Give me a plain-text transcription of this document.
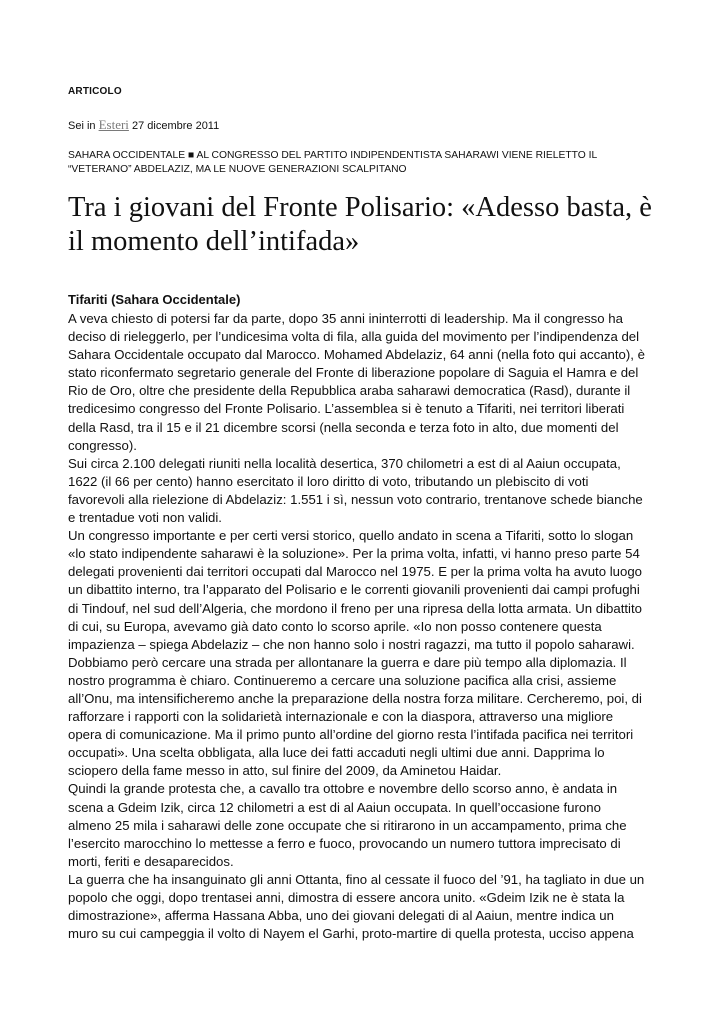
ARTICOLO
Sei in Esteri 27 dicembre 2011
SAHARA OCCIDENTALE ■ AL CONGRESSO DEL PARTITO INDIPENDENTISTA SAHARAWI VIENE RIELETTO IL
“VETERANO” ABDELAZIZ, MA LE NUOVE GENERAZIONI SCALPITANO
Tra i giovani del Fronte Polisario: «Adesso basta, è
il momento dell’intifada»
Tifariti (Sahara Occidentale)
A veva chiesto di potersi far da parte, dopo 35 anni ininterrotti di leadership. Ma il congresso ha
deciso di rieleggerlo, per l’undicesima volta di fila, alla guida del movimento per l’indipendenza del
Sahara Occidentale occupato dal Marocco. Mohamed Abdelaziz, 64 anni (nella foto qui accanto), è
stato riconfermato segretario generale del Fronte di liberazione popolare di Saguia el Hamra e del
Rio de Oro, oltre che presidente della Repubblica araba saharawi democratica (Rasd), durante il
tredicesimo congresso del Fronte Polisario. L’assemblea si è tenuto a Tifariti, nei territori liberati
della Rasd, tra il 15 e il 21 dicembre scorsi (nella seconda e terza foto in alto, due momenti del
congresso).
Sui circa 2.100 delegati riuniti nella località desertica, 370 chilometri a est di al Aaiun occupata,
1622 (il 66 per cento) hanno esercitato il loro diritto di voto, tributando un plebiscito di voti
favorevoli alla rielezione di Abdelaziz: 1.551 i sì, nessun voto contrario, trentanove schede bianche
e trentadue voti non validi.
Un congresso importante e per certi versi storico, quello andato in scena a Tifariti, sotto lo slogan
«lo stato indipendente saharawi è la soluzione». Per la prima volta, infatti, vi hanno preso parte 54
delegati provenienti dai territori occupati dal Marocco nel 1975. E per la prima volta ha avuto luogo
un dibattito interno, tra l’apparato del Polisario e le correnti giovanili provenienti dai campi profughi
di Tindouf, nel sud dell’Algeria, che mordono il freno per una ripresa della lotta armata. Un dibattito
di cui, su Europa, avevamo già dato conto lo scorso aprile. «Io non posso contenere questa
impazienza – spiega Abdelaziz – che non hanno solo i nostri ragazzi, ma tutto il popolo saharawi.
Dobbiamo però cercare una strada per allontanare la guerra e dare più tempo alla diplomazia. Il
nostro programma è chiaro. Continueremo a cercare una soluzione pacifica alla crisi, assieme
all’Onu, ma intensificheremo anche la preparazione della nostra forza militare. Cercheremo, poi, di
rafforzare i rapporti con la solidarietà internazionale e con la diaspora, attraverso una migliore
opera di comunicazione. Ma il primo punto all’ordine del giorno resta l’intifada pacifica nei territori
occupati». Una scelta obbligata, alla luce dei fatti accaduti negli ultimi due anni. Dapprima lo
sciopero della fame messo in atto, sul finire del 2009, da Aminetou Haidar.
Quindi la grande protesta che, a cavallo tra ottobre e novembre dello scorso anno, è andata in
scena a Gdeim Izik, circa 12 chilometri a est di al Aaiun occupata. In quell’occasione furono
almeno 25 mila i saharawi delle zone occupate che si ritirarono in un accampamento, prima che
l’esercito marocchino lo mettesse a ferro e fuoco, provocando un numero tuttora imprecisato di
morti, feriti e desaparecidos.
La guerra che ha insanguinato gli anni Ottanta, fino al cessate il fuoco del ’91, ha tagliato in due un
popolo che oggi, dopo trentasei anni, dimostra di essere ancora unito. «Gdeim Izik ne è stata la
dimostrazione», afferma Hassana Abba, uno dei giovani delegati di al Aaiun, mentre indica un
muro su cui campeggia il volto di Nayem el Garhi, proto-martire di quella protesta, ucciso appena
